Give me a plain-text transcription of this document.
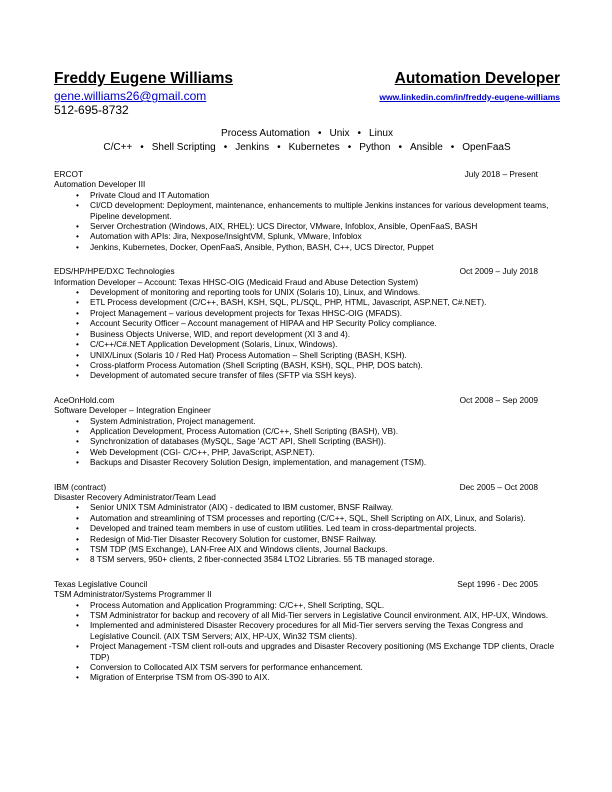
Freddy Eugene Williams	Automation Developer
gene.williams26@gmail.com	www.linkedin.com/in/freddy-eugene-williams
512-695-8732
Process Automation • Unix • Linux
C/C++ • Shell Scripting • Jenkins • Kubernetes • Python • Ansible • OpenFaaS
ERCOT	July 2018 – Present
Automation Developer III
• Private Cloud and IT Automation
• CI/CD development: Deployment, maintenance, enhancements to multiple Jenkins instances for various development teams, Pipeline development.
• Server Orchestration (Windows, AIX, RHEL): UCS Director, VMware, Infoblox, Ansible, OpenFaaS, BASH
• Automation with APIs: Jira, Nexpose/InsightVM, Splunk, VMware, Infoblox
• Jenkins, Kubernetes, Docker, OpenFaaS, Ansible, Python, BASH, C++, UCS Director, Puppet
EDS/HP/HPE/DXC Technologies	Oct 2009 – July 2018
Information Developer – Account: Texas HHSC-OIG (Medicaid Fraud and Abuse Detection System)
• Development of monitoring and reporting tools for UNIX (Solaris 10), Linux, and Windows.
• ETL Process development (C/C++, BASH, KSH, SQL, PL/SQL, PHP, HTML, Javascript, ASP.NET, C#.NET).
• Project Management – various development projects for Texas HHSC-OIG (MFADS).
• Account Security Officer – Account management of HIPAA and HP Security Policy compliance.
• Business Objects Universe, WID, and report development (XI 3 and 4).
• C/C++/C#.NET Application Development (Solaris, Linux, Windows).
• UNIX/Linux (Solaris 10 / Red Hat) Process Automation – Shell Scripting (BASH, KSH).
• Cross-platform Process Automation (Shell Scripting (BASH, KSH), SQL, PHP, DOS batch).
• Development of automated secure transfer of files (SFTP via SSH keys).
AceOnHold.com	Oct 2008 – Sep 2009
Software Developer – Integration Engineer
• System Administration, Project management.
• Application Development, Process Automation (C/C++, Shell Scripting (BASH), VB).
• Synchronization of databases (MySQL, Sage 'ACT' API, Shell Scripting (BASH)).
• Web Development (CGI- C/C++, PHP, JavaScript, ASP.NET).
• Backups and Disaster Recovery Solution Design, implementation, and management (TSM).
IBM (contract)	Dec 2005 – Oct 2008
Disaster Recovery Administrator/Team Lead
• Senior UNIX TSM Administrator (AIX) - dedicated to IBM customer, BNSF Railway.
• Automation and streamlining of TSM processes and reporting (C/C++, SQL, Shell Scripting on AIX, Linux, and Solaris).
• Developed and trained team members in use of custom utilities. Led team in cross-departmental projects.
• Redesign of Mid-Tier Disaster Recovery Solution for customer, BNSF Railway.
• TSM TDP (MS Exchange), LAN-Free AIX and Windows clients, Journal Backups.
• 8 TSM servers, 950+ clients, 2 fiber-connected 3584 LTO2 Libraries. 55 TB managed storage.
Texas Legislative Council	Sept 1996 - Dec 2005
TSM Administrator/Systems Programmer II
• Process Automation and Application Programming: C/C++, Shell Scripting, SQL.
• TSM Administrator for backup and recovery of all Mid-Tier servers in Legislative Council environment. AIX, HP-UX, Windows.
• Implemented and administered Disaster Recovery procedures for all Mid-Tier servers serving the Texas Congress and Legislative Council. (AIX TSM Servers; AIX, HP-UX, Win32 TSM clients).
• Project Management -TSM client roll-outs and upgrades and Disaster Recovery positioning (MS Exchange TDP clients, Oracle TDP)
• Conversion to Collocated AIX TSM servers for performance enhancement.
• Migration of Enterprise TSM from OS-390 to AIX.
